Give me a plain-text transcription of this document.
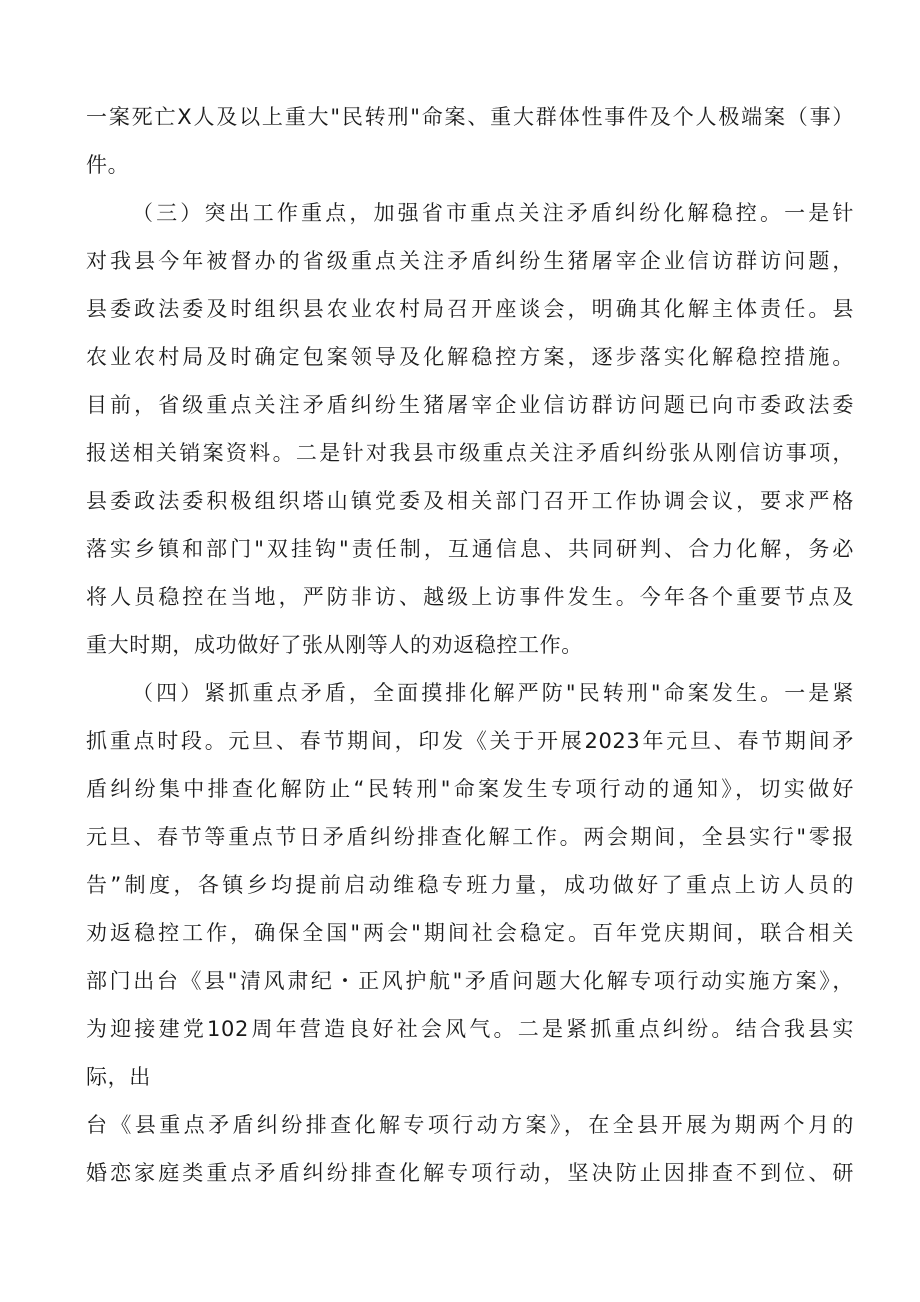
一案死亡X人及以上重大"民转刑"命案、重大群体性事件及个人极端案（事）
件。
（三）突出工作重点，加强省市重点关注矛盾纠纷化解稳控。一是针
对我县今年被督办的省级重点关注矛盾纠纷生猪屠宰企业信访群访问题，
县委政法委及时组织县农业农村局召开座谈会，明确其化解主体责任。县
农业农村局及时确定包案领导及化解稳控方案，逐步落实化解稳控措施。
目前，省级重点关注矛盾纠纷生猪屠宰企业信访群访问题已向市委政法委
报送相关销案资料。二是针对我县市级重点关注矛盾纠纷张从刚信访事项，
县委政法委积极组织塔山镇党委及相关部门召开工作协调会议，要求严格
落实乡镇和部门"双挂钩"责任制，互通信息、共同研判、合力化解，务必
将人员稳控在当地，严防非访、越级上访事件发生。今年各个重要节点及
重大时期，成功做好了张从刚等人的劝返稳控工作。
（四）紧抓重点矛盾，全面摸排化解严防"民转刑"命案发生。一是紧
抓重点时段。元旦、春节期间，印发《关于开展2023年元旦、春节期间矛
盾纠纷集中排查化解防止“民转刑"命案发生专项行动的通知》，切实做好
元旦、春节等重点节日矛盾纠纷排查化解工作。两会期间，全县实行"零报
告”制度，各镇乡均提前启动维稳专班力量，成功做好了重点上访人员的
劝返稳控工作，确保全国"两会"期间社会稳定。百年党庆期间，联合相关
部门出台《县"清风肃纪・正风护航"矛盾问题大化解专项行动实施方案》，
为迎接建党102周年营造良好社会风气。二是紧抓重点纠纷。结合我县实
际，出
台《县重点矛盾纠纷排查化解专项行动方案》，在全县开展为期两个月的
婚恋家庭类重点矛盾纠纷排查化解专项行动，坚决防止因排查不到位、研
